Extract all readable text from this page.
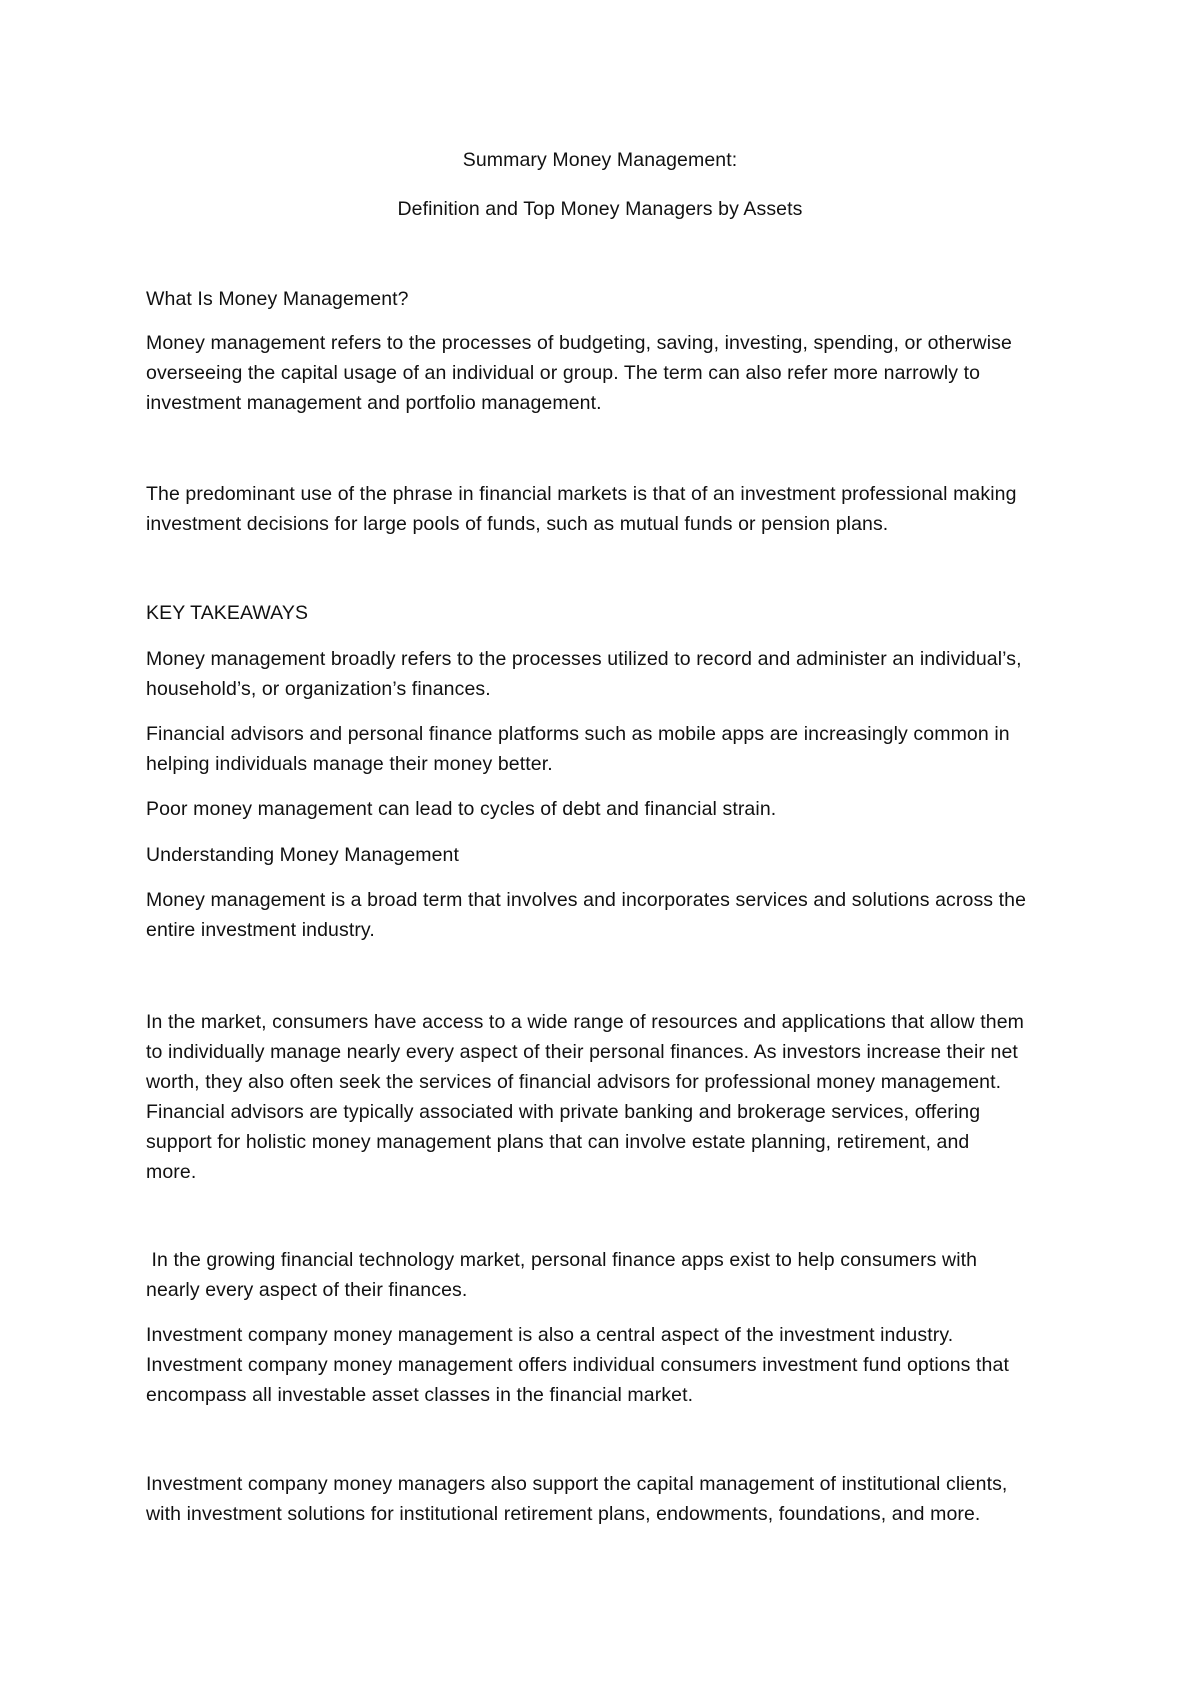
Summary Money Management:
Definition and Top Money Managers by Assets
What Is Money Management?
Money management refers to the processes of budgeting, saving, investing, spending, or otherwise
overseeing the capital usage of an individual or group. The term can also refer more narrowly to
investment management and portfolio management.
The predominant use of the phrase in financial markets is that of an investment professional making
investment decisions for large pools of funds, such as mutual funds or pension plans.
KEY TAKEAWAYS
Money management broadly refers to the processes utilized to record and administer an individual’s,
household’s, or organization’s finances.
Financial advisors and personal finance platforms such as mobile apps are increasingly common in
helping individuals manage their money better.
Poor money management can lead to cycles of debt and financial strain.
Understanding Money Management
Money management is a broad term that involves and incorporates services and solutions across the
entire investment industry.
In the market, consumers have access to a wide range of resources and applications that allow them
to individually manage nearly every aspect of their personal finances. As investors increase their net
worth, they also often seek the services of financial advisors for professional money management.
Financial advisors are typically associated with private banking and brokerage services, offering
support for holistic money management plans that can involve estate planning, retirement, and
more.
In the growing financial technology market, personal finance apps exist to help consumers with
nearly every aspect of their finances.
Investment company money management is also a central aspect of the investment industry.
Investment company money management offers individual consumers investment fund options that
encompass all investable asset classes in the financial market.
Investment company money managers also support the capital management of institutional clients,
with investment solutions for institutional retirement plans, endowments, foundations, and more.
